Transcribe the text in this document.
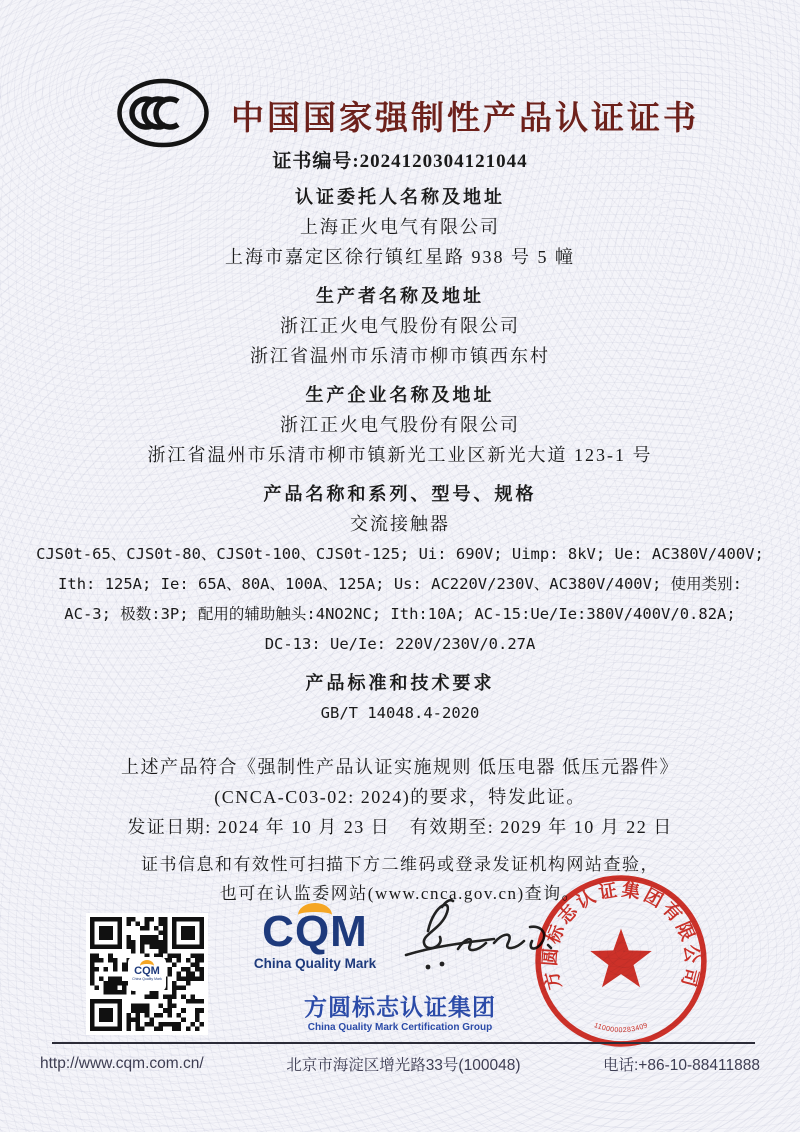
中国国家强制性产品认证证书
证书编号:2024120304121044
认证委托人名称及地址
上海正火电气有限公司
上海市嘉定区徐行镇红星路 938 号 5 幢
生产者名称及地址
浙江正火电气股份有限公司
浙江省温州市乐清市柳市镇西东村
生产企业名称及地址
浙江正火电气股份有限公司
浙江省温州市乐清市柳市镇新光工业区新光大道 123-1 号
产品名称和系列、型号、规格
交流接触器
CJS0t-65、CJS0t-80、CJS0t-100、CJS0t-125; Ui: 690V; Uimp: 8kV; Ue: AC380V/400V;
Ith: 125A; Ie: 65A、80A、100A、125A; Us: AC220V/230V、AC380V/400V; 使用类别:
AC-3; 极数:3P; 配用的辅助触头:4NO2NC; Ith:10A; AC-15:Ue/Ie:380V/400V/0.82A;
DC-13: Ue/Ie: 220V/230V/0.27A
产品标准和技术要求
GB/T 14048.4-2020
上述产品符合《强制性产品认证实施规则 低压电器 低压元器件》
(CNCA-C03-02: 2024)的要求，特发此证。
发证日期: 2024 年 10 月 23 日　有效期至: 2029 年 10 月 22 日
证书信息和有效性可扫描下方二维码或登录发证机构网站查验，
也可在认监委网站(www.cnca.gov.cn)查询。
CQM
China Quality Mark
CQM
China Quality Mark
方圆标志认证集团
China Quality Mark Certification Group
方圆标志认证集团有限公司
1100000283409
http://www.cqm.com.cn/	北京市海淀区增光路33号(100048)	电话:+86-10-88411888
